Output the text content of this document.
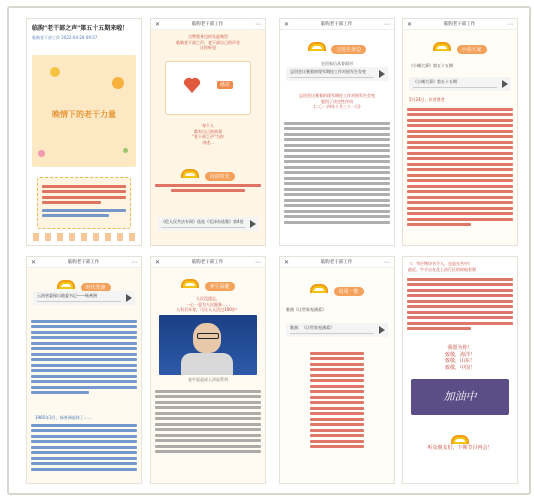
临朐"老干部之声"第五十五期来啦！
临朐老干部工作 2022-04-28 09:57
晚情下的老干力量
✕	临朐老干部工作	⋯
点赞我身边的先进典型
临朐老干部之声，老干部自己的声音
让你听见
感恩
每个人
都有自己的故事
"老干部之声"为你
讲述...
诗词时光
《伦人民共法专网》选选《毛泽东选集》第4卷
✕	临朐老干部工作	⋯
习近在身边
在回家后从容面对
总回会议裹着的现军期挂工作对困军生存变
总回会议裹着的现军期挂工作对困军生存变
裂用了决定性作用
(二〇一四年十月三十一日)
✕	临朐老干部工作	⋯
小说大家
《小城大事》第五十五期
《小城大事》第五十五期
5月24日，作者著者
✕	临朐老干部工作	⋯
时代先锋
云南省委保山地委书记——杨善洲
1985年3月，杨善洲退休了……
✕	临朐老干部工作	⋯
养生保健
人民没遗忘，
一心一意为人民服务……
人有百年寿，可让人人活过100岁！
金牛说起成人讲说系列
✕	临朐老干部工作	⋯
每周一歌
歌曲《让世界充满爱》
歌曲：《让世界充满爱》
《：韦应物诗书令人，也是在苦中》
最近，牛羊自在北上苗行区的时候有那
我愿为你！
致敬，海洋！
致敬，山东！
致敬，中国！
加油中
听众朋友们，下期节目再会！
